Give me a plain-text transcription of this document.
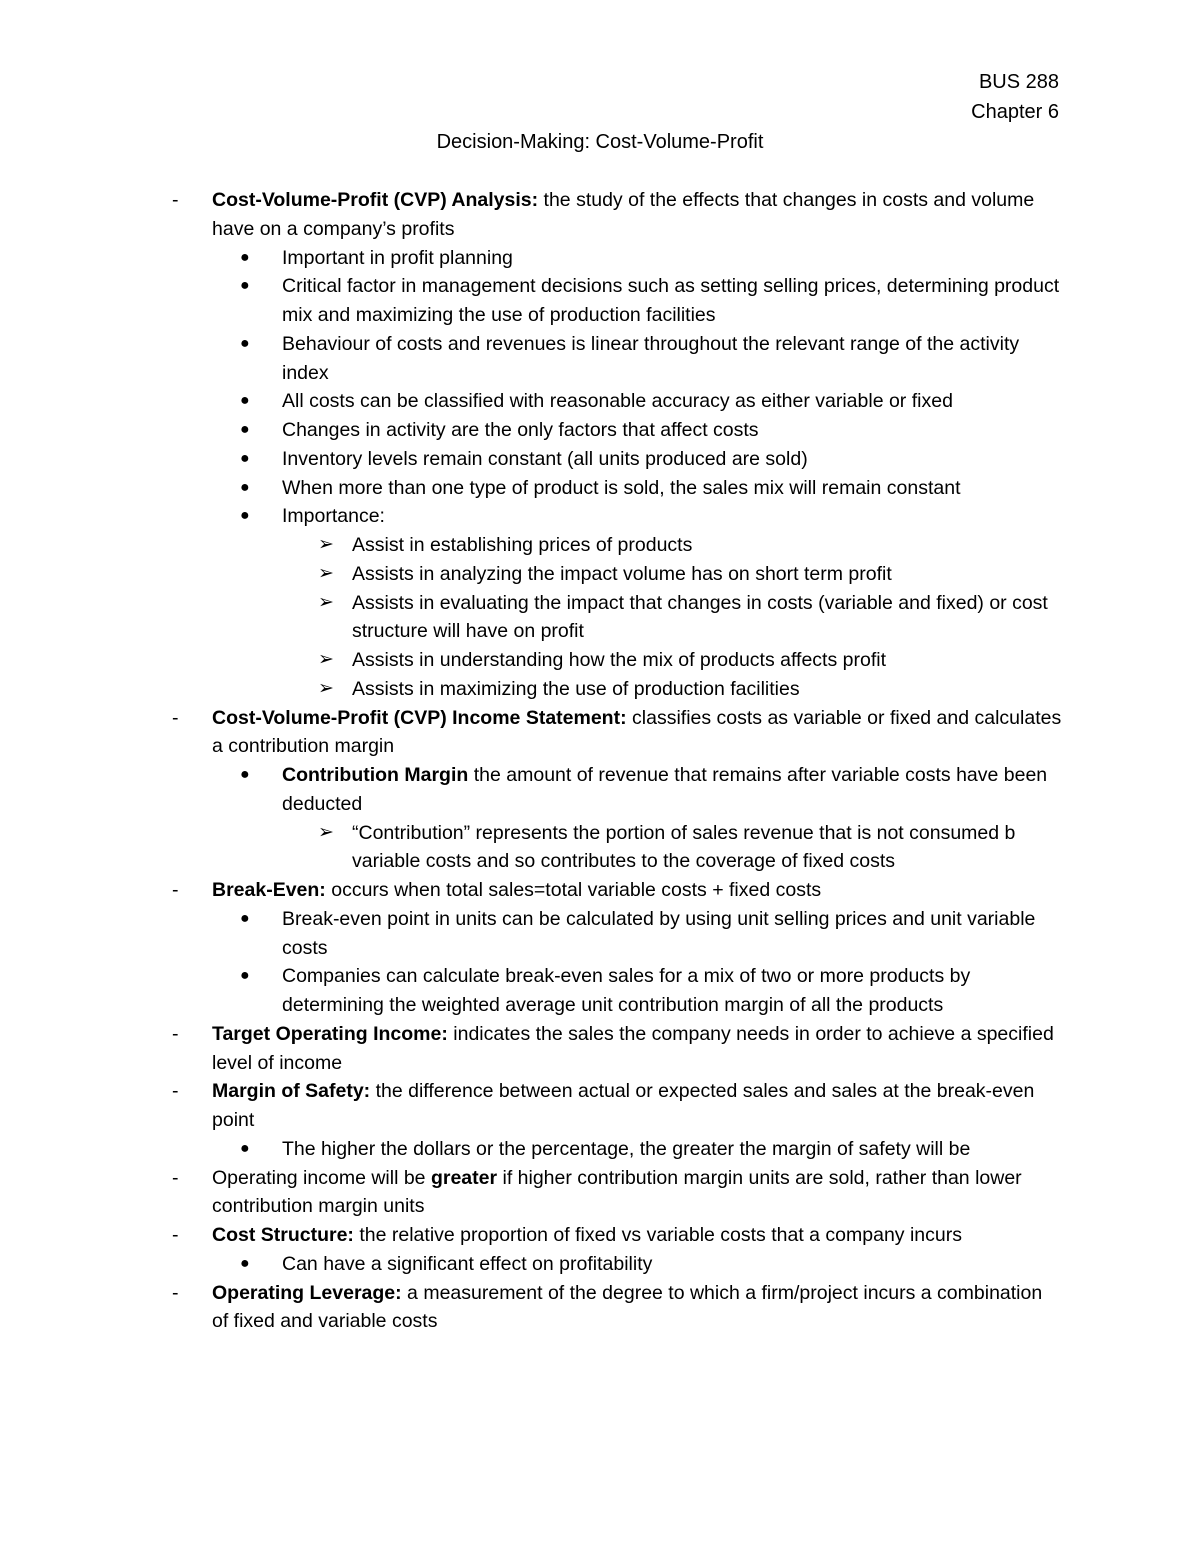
BUS 288
Chapter 6
Decision-Making: Cost-Volume-Profit
- Cost-Volume-Profit (CVP) Analysis: the study of the effects that changes in costs and volume have on a company’s profits
● Important in profit planning
● Critical factor in management decisions such as setting selling prices, determining product mix and maximizing the use of production facilities
● Behaviour of costs and revenues is linear throughout the relevant range of the activity index
● All costs can be classified with reasonable accuracy as either variable or fixed
● Changes in activity are the only factors that affect costs
● Inventory levels remain constant (all units produced are sold)
● When more than one type of product is sold, the sales mix will remain constant
● Importance:
➢ Assist in establishing prices of products
➢ Assists in analyzing the impact volume has on short term profit
➢ Assists in evaluating the impact that changes in costs (variable and fixed) or cost structure will have on profit
➢ Assists in understanding how the mix of products affects profit
➢ Assists in maximizing the use of production facilities
- Cost-Volume-Profit (CVP) Income Statement: classifies costs as variable or fixed and calculates a contribution margin
● Contribution Margin the amount of revenue that remains after variable costs have been deducted
➢ “Contribution” represents the portion of sales revenue that is not consumed b variable costs and so contributes to the coverage of fixed costs
- Break-Even: occurs when total sales=total variable costs + fixed costs
● Break-even point in units can be calculated by using unit selling prices and unit variable costs
● Companies can calculate break-even sales for a mix of two or more products by determining the weighted average unit contribution margin of all the products
- Target Operating Income: indicates the sales the company needs in order to achieve a specified level of income
- Margin of Safety: the difference between actual or expected sales and sales at the break-even point
● The higher the dollars or the percentage, the greater the margin of safety will be
- Operating income will be greater if higher contribution margin units are sold, rather than lower contribution margin units
- Cost Structure: the relative proportion of fixed vs variable costs that a company incurs
● Can have a significant effect on profitability
- Operating Leverage: a measurement of the degree to which a firm/project incurs a combination of fixed and variable costs
